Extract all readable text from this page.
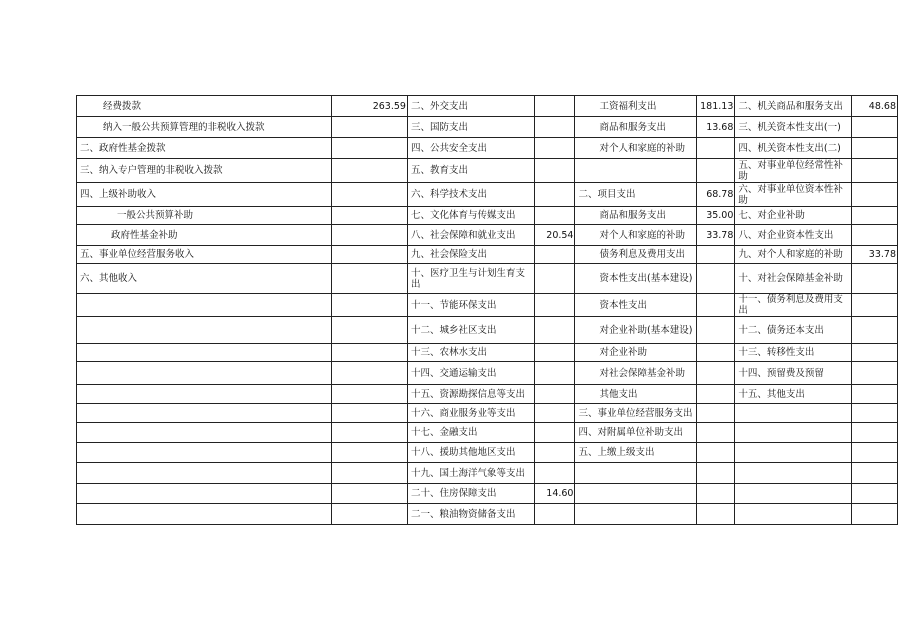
经费拨款	263.59	二、外交支出		工资福利支出	181.13	二、机关商品和服务支出	48.68
纳入一般公共预算管理的非税收入拨款		三、国防支出		商品和服务支出	13.68	三、机关资本性支出(一)	
二、政府性基金拨款		四、公共安全支出		对个人和家庭的补助		四、机关资本性支出(二)	
三、纳入专户管理的非税收入拨款		五、教育支出				五、对事业单位经常性补助	
四、上级补助收入		六、科学技术支出		二、项目支出	68.78	六、对事业单位资本性补助	
一般公共预算补助		七、文化体育与传媒支出		商品和服务支出	35.00	七、对企业补助	
政府性基金补助		八、社会保障和就业支出	20.54	对个人和家庭的补助	33.78	八、对企业资本性支出	
五、事业单位经营服务收入		九、社会保险支出		债务利息及费用支出		九、对个人和家庭的补助	33.78
六、其他收入		十、医疗卫生与计划生育支出		资本性支出(基本建设)		十、对社会保障基金补助	
		十一、节能环保支出		资本性支出		十一、债务利息及费用支出	
		十二、城乡社区支出		对企业补助(基本建设)		十二、债务还本支出	
		十三、农林水支出		对企业补助		十三、转移性支出	
		十四、交通运输支出		对社会保障基金补助		十四、预留费及预留	
		十五、资源勘探信息等支出		其他支出		十五、其他支出	
		十六、商业服务业等支出		三、事业单位经营服务支出			
		十七、金融支出		四、对附属单位补助支出			
		十八、援助其他地区支出		五、上缴上级支出			
		十九、国土海洋气象等支出					
		二十、住房保障支出	14.60				
		二一、粮油物资储备支出					
